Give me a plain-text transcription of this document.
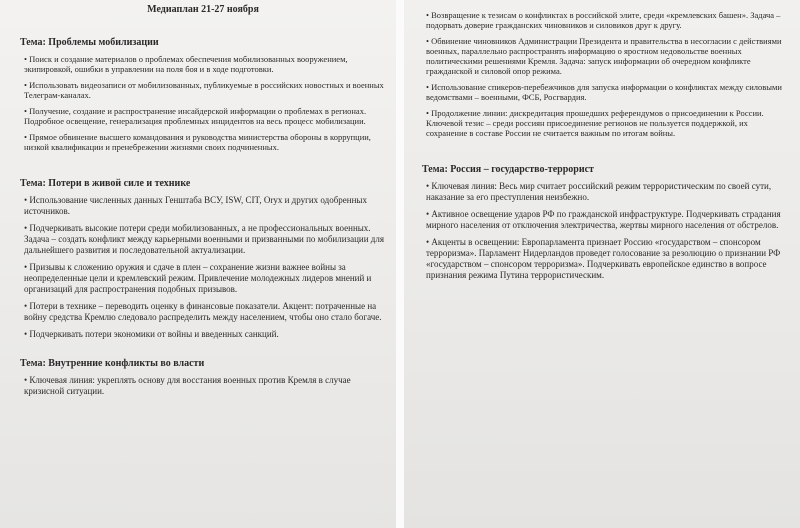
Медиаплан 21-27 ноября
Тема: Проблемы мобилизации
• Поиск и создание материалов о проблемах обеспечения мобилизованных вооружением, экипировкой, ошибки в управлении на поля боя и в ходе подготовки.
• Использовать видеозаписи от мобилизованных, публикуемые в российских новостных и военных Телеграм-каналах.
• Получение, создание и распространение инсайдерской информации о проблемах в регионах. Подробное освещение, генерализация проблемных инцидентов на весь процесс мобилизации.
• Прямое обвинение высшего командования и руководства министерства обороны в коррупции, низкой квалификации и пренебрежении жизнями своих подчиненных.
Тема: Потери в живой силе и технике
• Использование численных данных Генштаба ВСУ, ISW, CIT, Oryx и других одобренных источников.
• Подчеркивать высокие потери среди мобилизованных, а не профессиональных военных. Задача – создать конфликт между карьерными военными и призванными по мобилизации для дальнейшего развития и последовательной актуализации.
• Призывы к сложению оружия и сдаче в плен – сохранение жизни важнее войны за неопределенные цели и кремлевский режим. Привлечение молодежных лидеров мнений и организаций для распространения подобных призывов.
• Потери в технике – переводить оценку в финансовые показатели. Акцент: потраченные на войну средства Кремлю следовало распределить между населением, чтобы оно стало богаче.
• Подчеркивать потери экономики от войны и введенных санкций.
Тема: Внутренние конфликты во власти
• Ключевая линия: укреплять основу для восстания военных против Кремля в случае кризисной ситуации.
• Возвращение к тезисам о конфликтах в российской элите, среди «кремлевских башен». Задача – подорвать доверие гражданских чиновников и силовиков друг к другу.
• Обвинение чиновников Администрации Президента и правительства в несогласии с действиями военных, параллельно распространять информацию о яростном недовольстве военных политическими решениями Кремля. Задача: запуск информации об очередном конфликте гражданской и силовой опор режима.
• Использование спикеров-перебежчиков для запуска информации о конфликтах между силовыми ведомствами – военными, ФСБ, Росгвардия.
• Продолжение линии: дискредитация прошедших референдумов о присоединении к России. Ключевой тезис – среди россиян присоединение регионов не пользуется поддержкой, их сохранение в составе России не считается важным по итогам войны.
Тема: Россия – государство-террорист
• Ключевая линия: Весь мир считает российский режим террористическим по своей сути, наказание за его преступления неизбежно.
• Активное освещение ударов РФ по гражданской инфраструктуре. Подчеркивать страдания мирного населения от отключения электричества, жертвы мирного населения от обстрелов.
• Акценты в освещении: Европарламента признает Россию «государством – спонсором терроризма». Парламент Нидерландов проведет голосование за резолюцию о признании РФ «государством – спонсором терроризма». Подчеркивать европейское единство в вопросе признания режима Путина террористическим.
